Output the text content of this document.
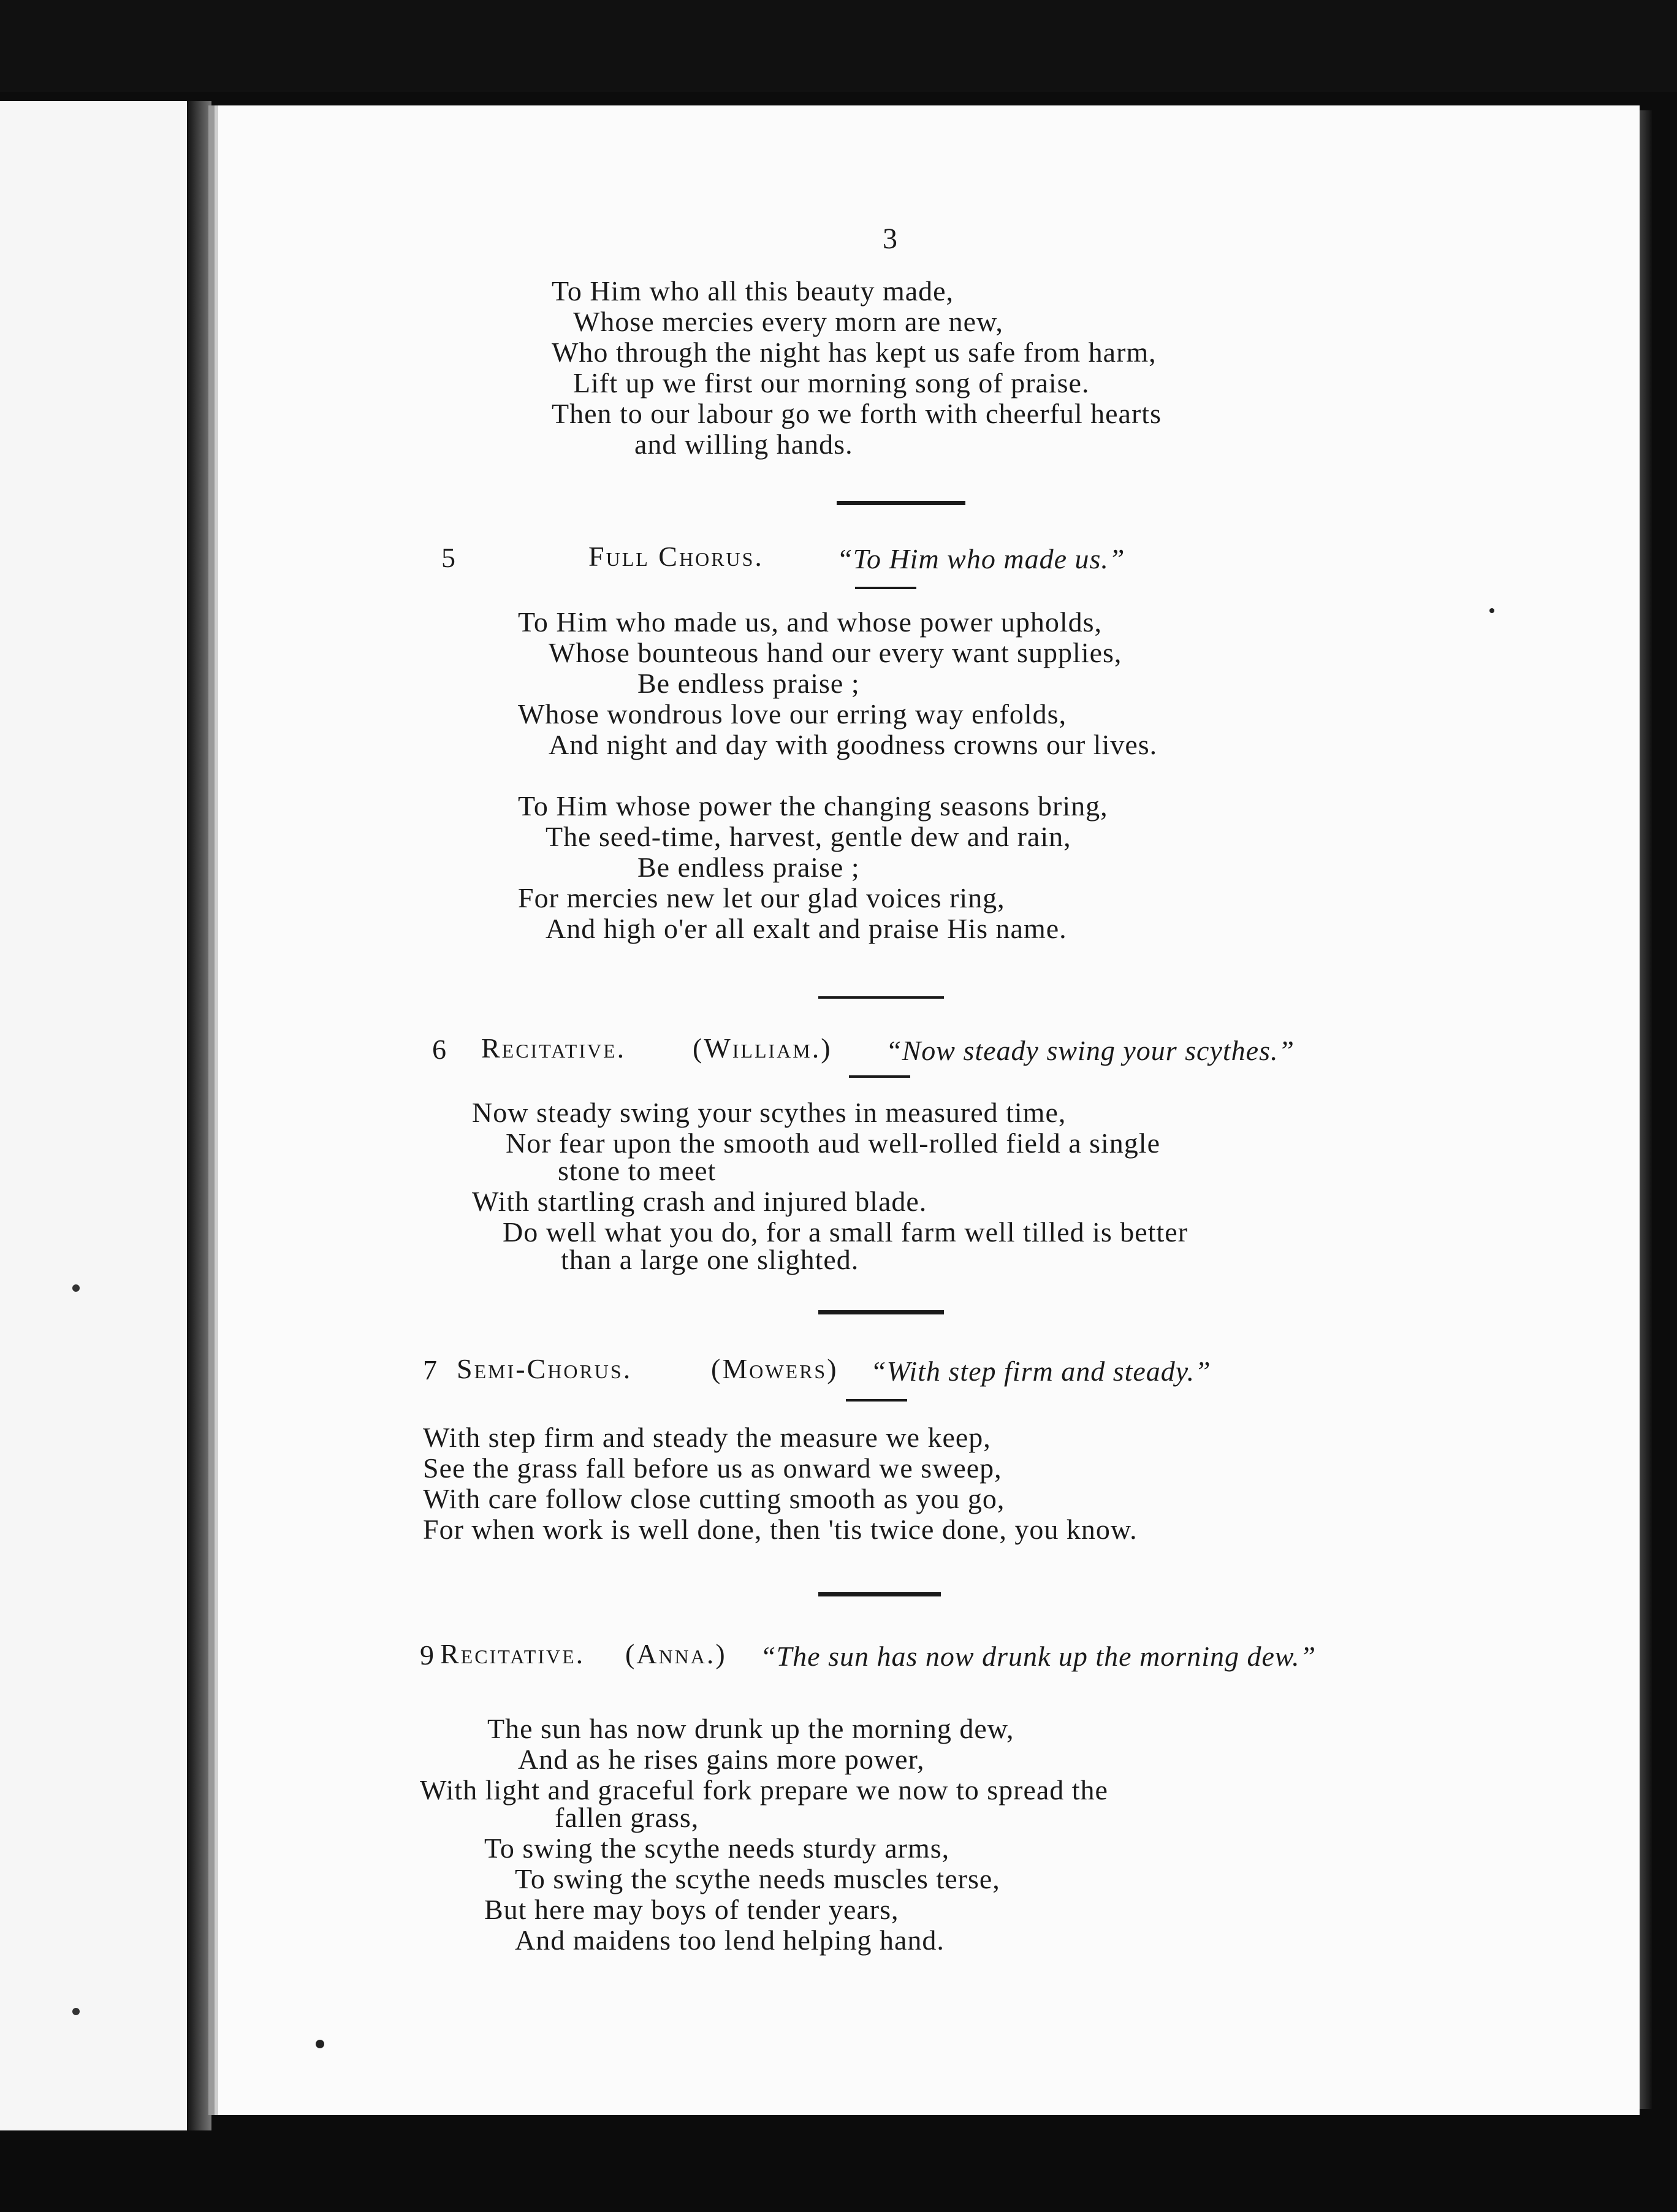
3
To Him who all this beauty made,
Whose mercies every morn are new,
Who through the night has kept us safe from harm,
Lift up we first our morning song of praise.
Then to our labour go we forth with cheerful hearts
and willing hands.
5	Full Chorus.	“To Him who made us.”
To Him who made us, and whose power upholds,
Whose bounteous hand our every want supplies,
Be endless praise ;
Whose wondrous love our erring way enfolds,
And night and day with goodness crowns our lives.
To Him whose power the changing seasons bring,
The seed-time, harvest, gentle dew and rain,
Be endless praise ;
For mercies new let our glad voices ring,
And high o'er all exalt and praise His name.
6 Recitative. (William.) “Now steady swing your scythes.”
Now steady swing your scythes in measured time,
Nor fear upon the smooth aud well-rolled field a single
stone to meet
With startling crash and injured blade.
Do well what you do, for a small farm well tilled is better
than a large one slighted.
7 Semi-Chorus.	(Mowers) “With step firm and steady.”
With step firm and steady the measure we keep,
See the grass fall before us as onward we sweep,
With care follow close cutting smooth as you go,
For when work is well done, then 'tis twice done, you know.
9 Recitative. (Anna.) “The sun has now drunk up the morning dew.”
The sun has now drunk up the morning dew,
And as he rises gains more power,
With light and graceful fork prepare we now to spread the
fallen grass,
To swing the scythe needs sturdy arms,
To swing the scythe needs muscles terse,
But here may boys of tender years,
And maidens too lend helping hand.
